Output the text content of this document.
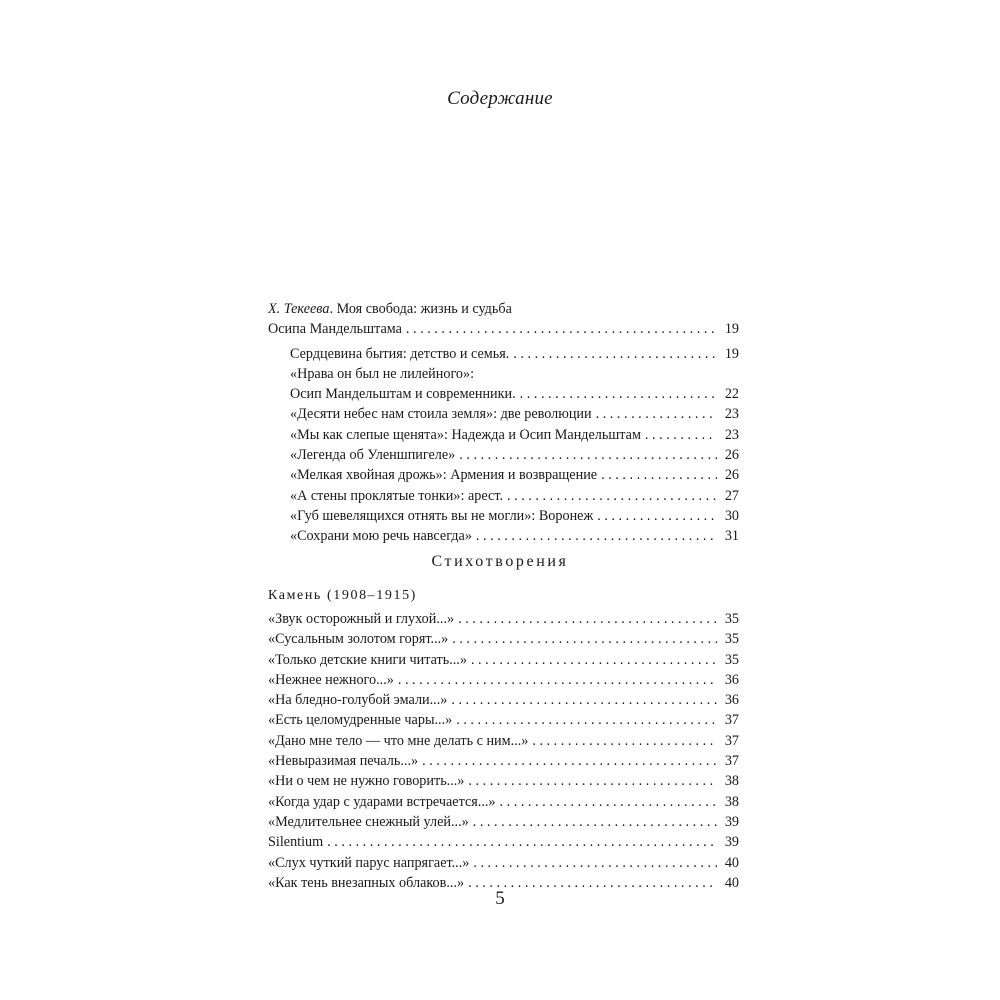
Содержание
Х. Текеева. Моя свобода: жизнь и судьба
Осипа Мандельштама . . .	19
Сердцевина бытия: детство и семья. . . .	19
«Нрава он был не лилейного»:
Осип Мандельштам и современники. . . .	22
«Десяти небес нам стоила земля»: две революции . . .	23
«Мы как слепые щенята»: Надежда и Осип Мандельштам . . .	23
«Легенда об Уленшпигеле» . . .	26
«Мелкая хвойная дрожь»: Армения и возвращение . . .	26
«А стены проклятые тонки»: арест. . . .	27
«Губ шевелящихся отнять вы не могли»: Воронеж . . .	30
«Сохрани мою речь навсегда» . . .	31
Стихотворения
Камень (1908–1915)
«Звук осторожный и глухой...» . . .	35
«Сусальным золотом горят...» . . .	35
«Только детские книги читать...» . . .	35
«Нежнее нежного...» . . .	36
«На бледно-голубой эмали...» . . .	36
«Есть целомудренные чары...» . . .	37
«Дано мне тело — что мне делать с ним...» . . .	37
«Невыразимая печаль...» . . .	37
«Ни о чем не нужно говорить...» . . .	38
«Когда удар с ударами встречается...» . . .	38
«Медлительнее снежный улей...» . . .	39
Silentium . . .	39
«Слух чуткий парус напрягает...» . . .	40
«Как тень внезапных облаков...» . . .	40
5
